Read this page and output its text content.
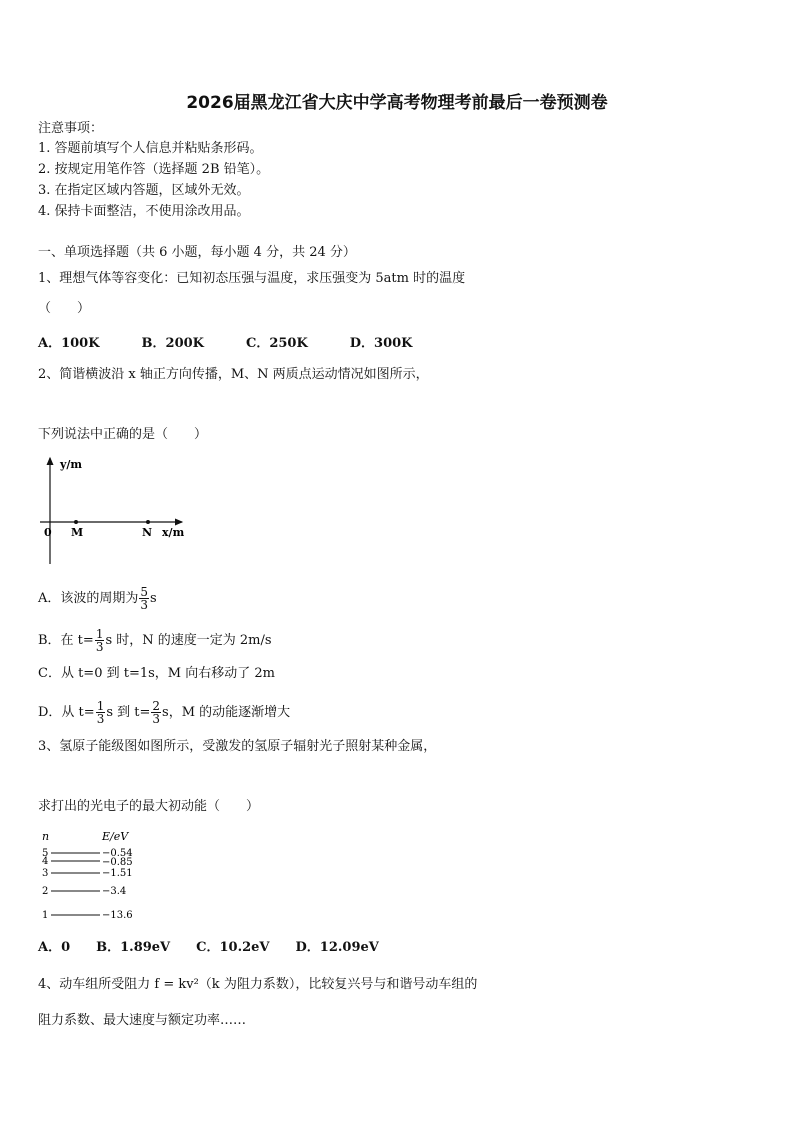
2026届黑龙江省大庆中学高考物理考前最后一卷预测卷
注意事项：
1. 答题前填写个人信息并粘贴条形码。
2. 按规定用笔作答（选择题 2B 铅笔）。
3. 在指定区域内答题，区域外无效。
4. 保持卡面整洁，不使用涂改用品。
一、单项选择题（共 6 小题，每小题 4 分，共 24 分）
1、理想气体等容变化：已知初态压强与温度，求压强变为 5atm 时的温度
（　　）
A．100K	B．200K	C．250K	D．300K
2、简谐横波沿 x 轴正方向传播，M、N 两质点运动情况如图所示，
下列说法中正确的是（　　）
y/m
x/m
0 M	N
A．该波的周期为 $\frac{5}{3}$ s
B．在 $t= \frac{1}{3}$ s 时，N 的速度一定为 2m/s
C．从 t=0 到 t=1s，M 向右移动了 2m
D．从 $t= \frac{1}{3}$ s 到 $t= \frac{2}{3}$ s，M 的动能逐渐增大
3、氢原子能级图如图所示，受激发的氢原子辐射光子照射某种金属，
求打出的光电子的最大初动能（　　）
n	E/eV
5	−0.54
4	−0.85
3	−1.51
2	−3.4
1	−13.6
A．0 B．1.89eV C．10.2eV D．12.09eV
4、动车组所受阻力 f = kv²（k 为阻力系数），比较复兴号与和谐号动车组的
阻力系数、最大速度与额定功率……
